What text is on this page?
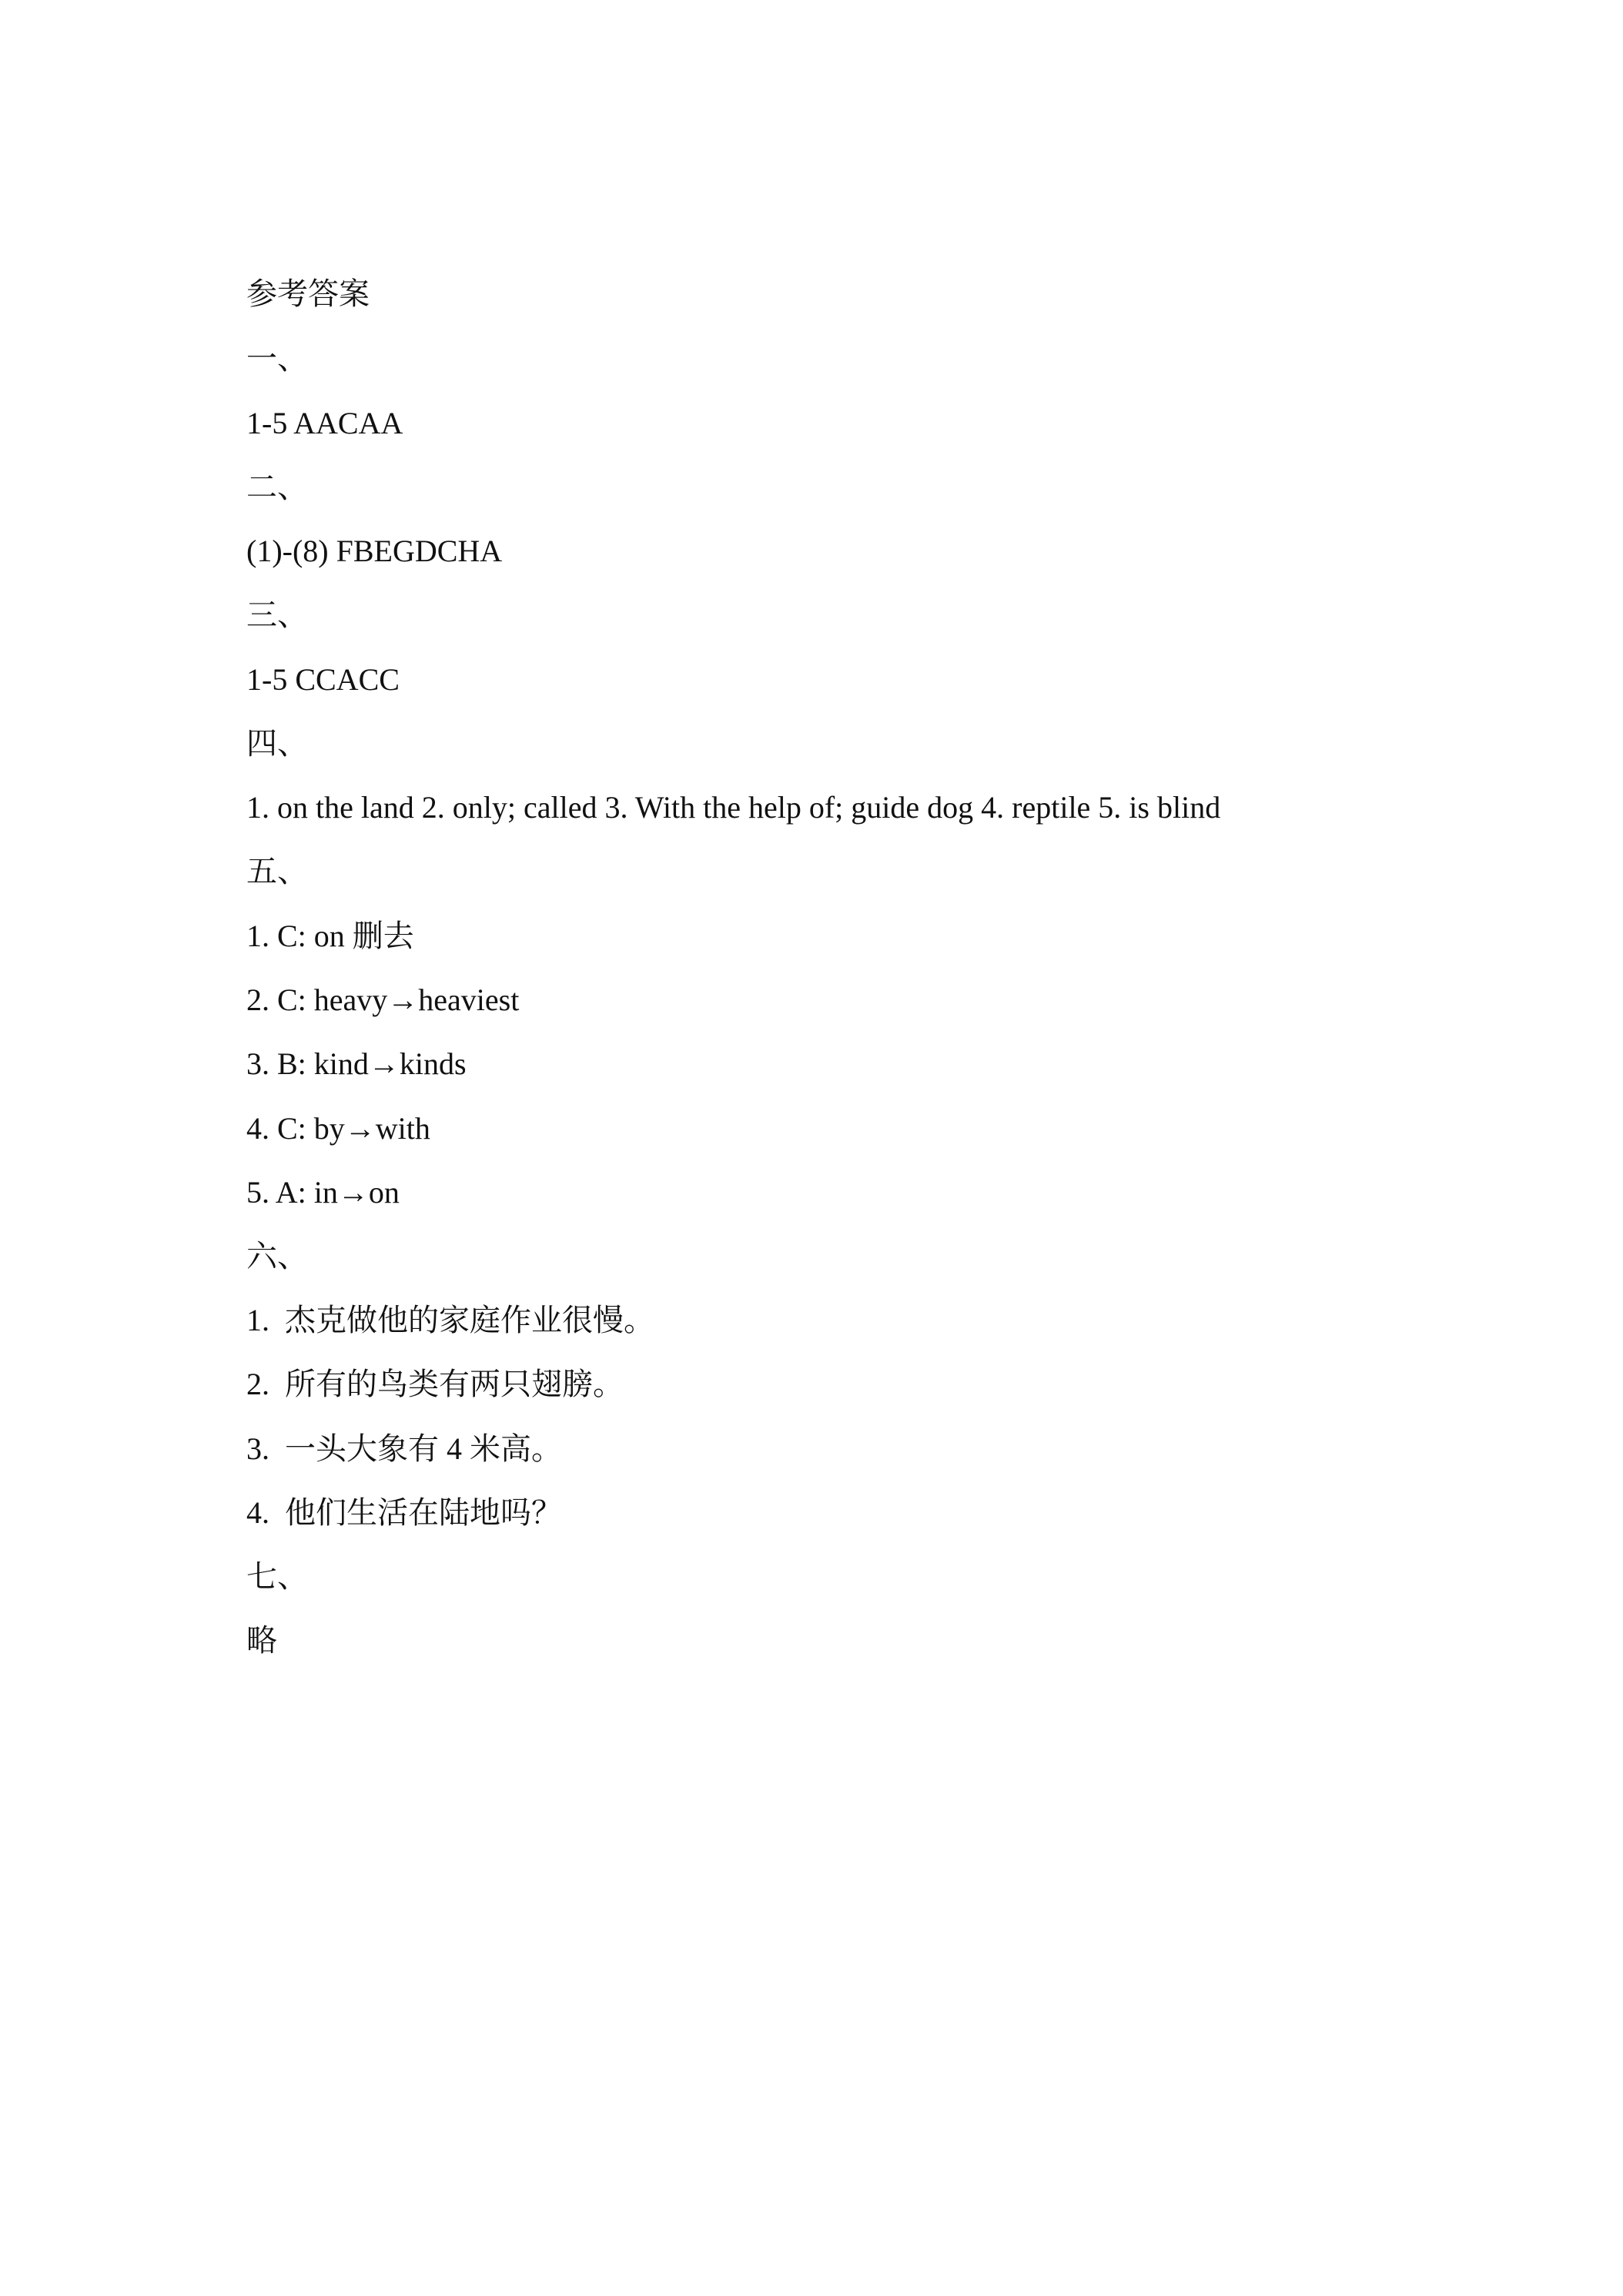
参考答案
一、
1-5 AACAA
二、
(1)-(8) FBEGDCHA
三、
1-5 CCACC
四、
1. on the land 2. only; called 3. With the help of; guide dog 4. reptile 5. is blind
五、
1. C: on 删去
2. C: heavy→heaviest
3. B: kind→kinds
4. C: by→with
5. A: in→on
六、
1.  杰克做他的家庭作业很慢。
2.  所有的鸟类有两只翅膀。
3.  一头大象有 4 米高。
4.  他们生活在陆地吗？
七、
略
